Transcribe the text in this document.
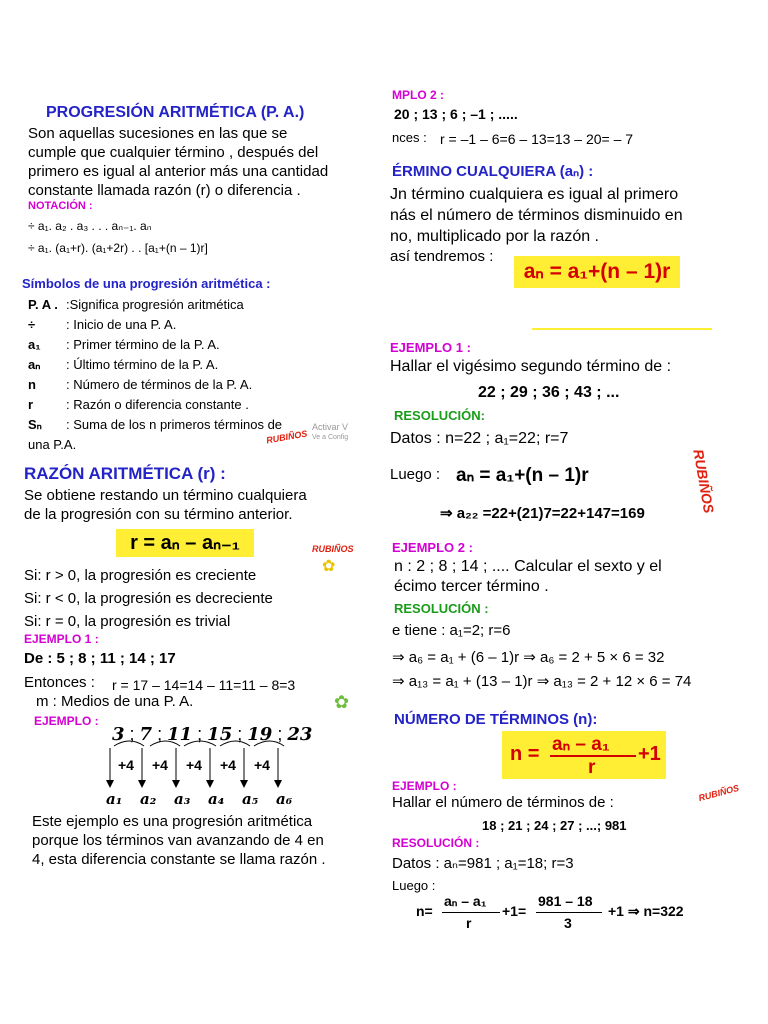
PROGRESIÓN ARITMÉTICA (P. A.)
Son aquellas sucesiones en las que se
cumple que cualquier término , después del
primero es igual al anterior más una cantidad
constante llamada razón (r) o diferencia .
NOTACIÓN :
÷ a₁. a₂ . a₃ . . . aₙ₋₁. aₙ
÷ a₁. (a₁+r). (a₁+2r) . . [a₁+(n – 1)r]
Símbolos de una progresión aritmética :
P. A . :Significa progresión aritmética
÷ : Inicio de una P. A.
a₁ : Primer término de la P. A.
aₙ : Último término de la P. A.
n : Número de términos de la P. A.
r	: Razón o diferencia constante .
Sₙ : Suma de los n primeros términos de
una P.A.
Activar V
Ve a Config
RUBIÑOS
RAZÓN ARITMÉTICA (r) :
Se obtiene restando un término cualquiera
de la progresión con su término anterior.
r = aₙ – aₙ₋₁	RUBIÑOS
✿
Si: r > 0, la progresión es creciente
Si: r < 0, la progresión es decreciente
Si: r = 0, la progresión es trivial
EJEMPLO 1 :
De : 5 ; 8 ; 11 ; 14 ; 17
Entonces : r = 17 – 14=14 – 11=11 – 8=3
m : Medios de una P. A.	✿
EJEMPLO :
3 ; 7 ; 11 ; 15 ; 19 ; 23
+4 +4 +4 +4 +4
a₁ a₂ a₃ a₄ a₅ a₆
Este ejemplo es una progresión aritmética
porque los términos van avanzando de 4 en
4, esta diferencia constante se llama razón .
MPLO 2 :
20 ; 13 ; 6 ; –1 ; .....
nces : r = –1 – 6=6 – 13=13 – 20= – 7
ÉRMINO CUALQUIERA (aₙ) :
Jn término cualquiera es igual al primero
nás el número de términos disminuido en
no, multiplicado por la razón .
así tendremos :
aₙ = a₁+(n – 1)r
EJEMPLO 1 :
Hallar el vigésimo segundo término de :
22 ; 29 ; 36 ; 43 ; ...
RESOLUCIÓN:
Datos : n=22 ; a₁=22; r=7
Luego : aₙ = a₁+(n – 1)r	RUBIÑOS
⇒ a₂₂ =22+(21)7=22+147=169
EJEMPLO 2 :
n : 2 ; 8 ; 14 ; .... Calcular el sexto y el
écimo tercer término .
RESOLUCIÓN :
e tiene : a₁=2; r=6
⇒ a₆ = a₁ + (6 – 1)r ⇒ a₆ = 2 + 5 × 6 = 32
⇒ a₁₃ = a₁ + (13 – 1)r ⇒ a₁₃ = 2 + 12 × 6 = 74
NÚMERO DE TÉRMINOS (n):
n = aₙ – a₁
r
+1
EJEMPLO :	RUBIÑOS
Hallar el número de términos de :
18 ; 21 ; 24 ; 27 ; ...; 981
RESOLUCIÓN :
Datos : aₙ=981 ; a₁=18; r=3
Luego :
n=
aₙ – a₁
r
+1=
981 – 18
3
+1 ⇒ n=322
